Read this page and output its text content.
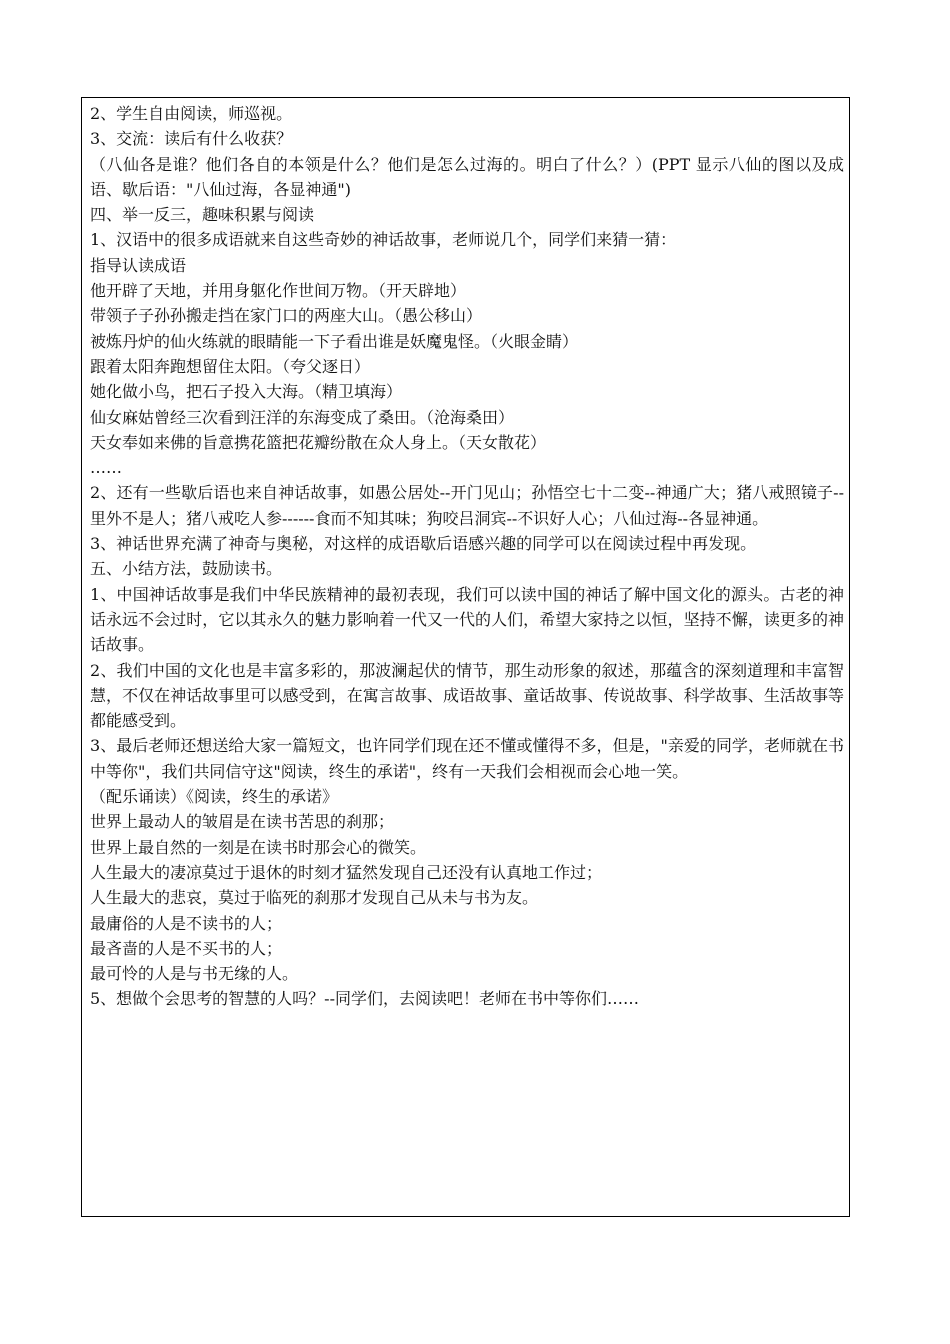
2、学生自由阅读，师巡视。

3、交流：读后有什么收获？

（八仙各是谁？他们各自的本领是什么？他们是怎么过海的。明白了什么？）(PPT 显示八仙的图以及成语、歇后语："八仙过海，各显神通")

四、举一反三，趣味积累与阅读

1、汉语中的很多成语就来自这些奇妙的神话故事，老师说几个，同学们来猜一猜：

指导认读成语

他开辟了天地，并用身躯化作世间万物。（开天辟地）

带领子子孙孙搬走挡在家门口的两座大山。（愚公移山）

被炼丹炉的仙火练就的眼睛能一下子看出谁是妖魔鬼怪。（火眼金睛）

跟着太阳奔跑想留住太阳。（夸父逐日）

她化做小鸟，把石子投入大海。（精卫填海）

仙女麻姑曾经三次看到汪洋的东海变成了桑田。（沧海桑田）

天女奉如来佛的旨意携花篮把花瓣纷散在众人身上。（天女散花）

……

2、还有一些歇后语也来自神话故事，如愚公居处--开门见山；孙悟空七十二变--神通广大；猪八戒照镜子--里外不是人；猪八戒吃人参------食而不知其味；狗咬吕洞宾--不识好人心；八仙过海--各显神通。

3、神话世界充满了神奇与奥秘，对这样的成语歇后语感兴趣的同学可以在阅读过程中再发现。

五、小结方法，鼓励读书。

1、中国神话故事是我们中华民族精神的最初表现，我们可以读中国的神话了解中国文化的源头。古老的神话永远不会过时，它以其永久的魅力影响着一代又一代的人们，希望大家持之以恒，坚持不懈，读更多的神话故事。

2、我们中国的文化也是丰富多彩的，那波澜起伏的情节，那生动形象的叙述，那蕴含的深刻道理和丰富智慧，不仅在神话故事里可以感受到，在寓言故事、成语故事、童话故事、传说故事、科学故事、生活故事等都能感受到。

3、最后老师还想送给大家一篇短文，也许同学们现在还不懂或懂得不多，但是，"亲爱的同学，老师就在书中等你"，我们共同信守这"阅读，终生的承诺"，终有一天我们会相视而会心地一笑。

（配乐诵读）《阅读，终生的承诺》

世界上最动人的皱眉是在读书苦思的刹那；

世界上最自然的一刻是在读书时那会心的微笑。

人生最大的凄凉莫过于退休的时刻才猛然发现自己还没有认真地工作过；

人生最大的悲哀，莫过于临死的刹那才发现自己从未与书为友。

最庸俗的人是不读书的人；

最吝啬的人是不买书的人；

最可怜的人是与书无缘的人。

5、想做个会思考的智慧的人吗？--同学们，去阅读吧！老师在书中等你们……
